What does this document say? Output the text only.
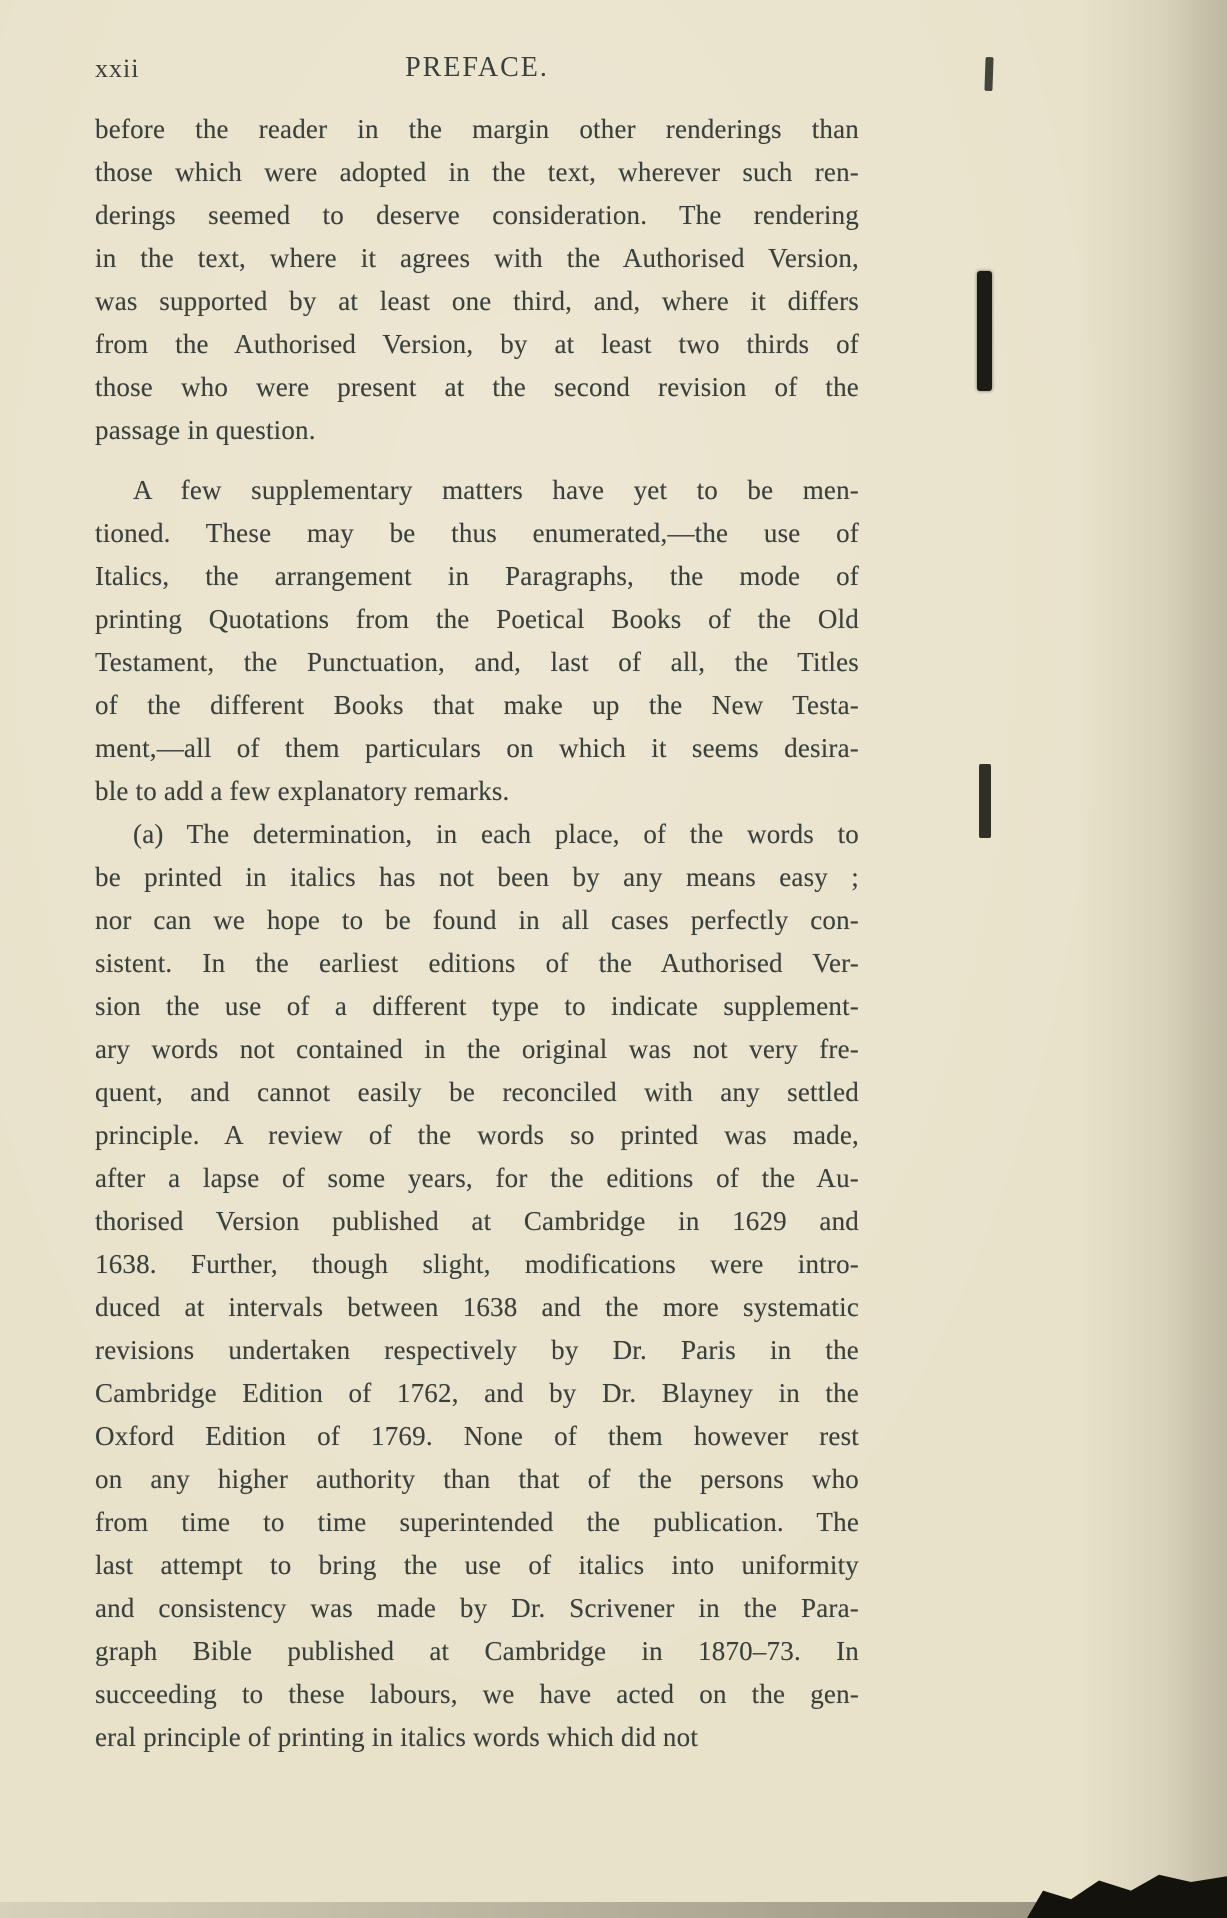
xxii	PREFACE.
before the reader in the margin other renderings than
those which were adopted in the text, wherever such ren-
derings seemed to deserve consideration. The rendering
in the text, where it agrees with the Authorised Version,
was supported by at least one third, and, where it differs
from the Authorised Version, by at least two thirds of
those who were present at the second revision of the
passage in question.
A few supplementary matters have yet to be men-
tioned. These may be thus enumerated,—the use of
Italics, the arrangement in Paragraphs, the mode of
printing Quotations from the Poetical Books of the Old
Testament, the Punctuation, and, last of all, the Titles
of the different Books that make up the New Testa-
ment,—all of them particulars on which it seems desira-
ble to add a few explanatory remarks.
(a) The determination, in each place, of the words to
be printed in italics has not been by any means easy ;
nor can we hope to be found in all cases perfectly con-
sistent. In the earliest editions of the Authorised Ver-
sion the use of a different type to indicate supplement-
ary words not contained in the original was not very fre-
quent, and cannot easily be reconciled with any settled
principle. A review of the words so printed was made,
after a lapse of some years, for the editions of the Au-
thorised Version published at Cambridge in 1629 and
1638. Further, though slight, modifications were intro-
duced at intervals between 1638 and the more systematic
revisions undertaken respectively by Dr. Paris in the
Cambridge Edition of 1762, and by Dr. Blayney in the
Oxford Edition of 1769. None of them however rest
on any higher authority than that of the persons who
from time to time superintended the publication. The
last attempt to bring the use of italics into uniformity
and consistency was made by Dr. Scrivener in the Para-
graph Bible published at Cambridge in 1870–73. In
succeeding to these labours, we have acted on the gen-
eral principle of printing in italics words which did not
